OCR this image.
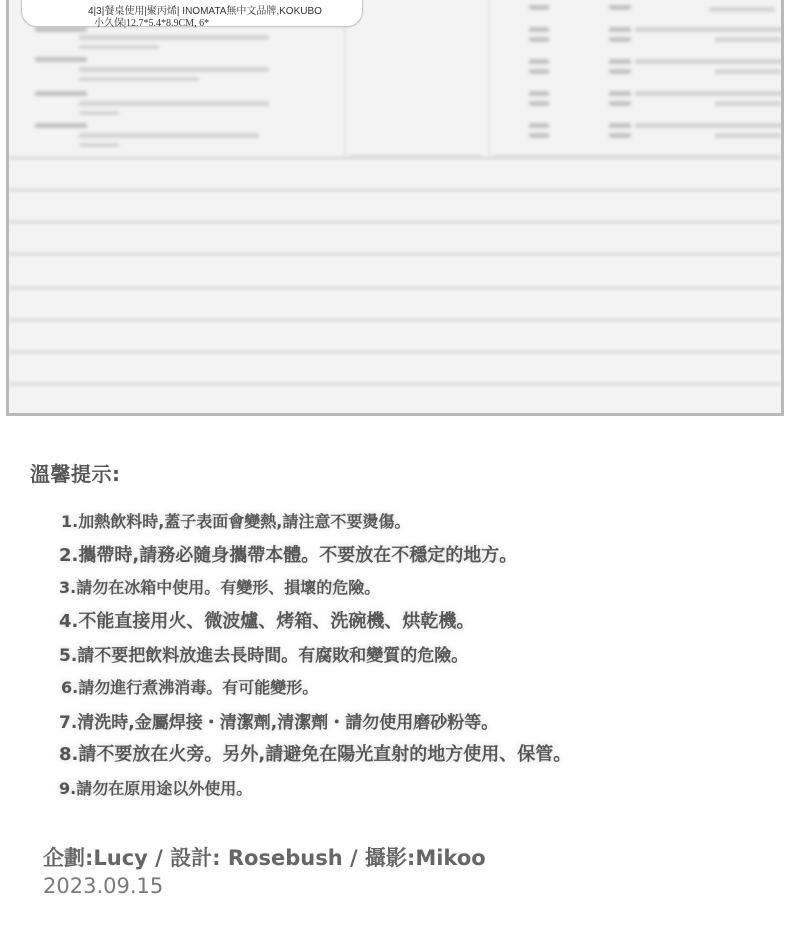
4|3|餐桌使用|聚丙烯| INOMATA無中文品牌,KOKUBO
小久保|12.7*5.4*8.9CM, 6*
溫馨提示:
1.加熱飲料時,蓋子表面會變熱,請注意不要燙傷。
2.攜帶時,請務必隨身攜帶本體。不要放在不穩定的地方。
3.請勿在冰箱中使用。有變形、損壞的危險。
4.不能直接用火、微波爐、烤箱、洗碗機、烘乾機。
5.請不要把飲料放進去長時間。有腐敗和變質的危險。
6.請勿進行煮沸消毒。有可能變形。
7.清洗時,金屬焊接・清潔劑,清潔劑・請勿使用磨砂粉等。
8.請不要放在火旁。另外,請避免在陽光直射的地方使用、保管。
9.請勿在原用途以外使用。
企劃:Lucy / 設計: Rosebush / 攝影:Mikoo
2023.09.15
